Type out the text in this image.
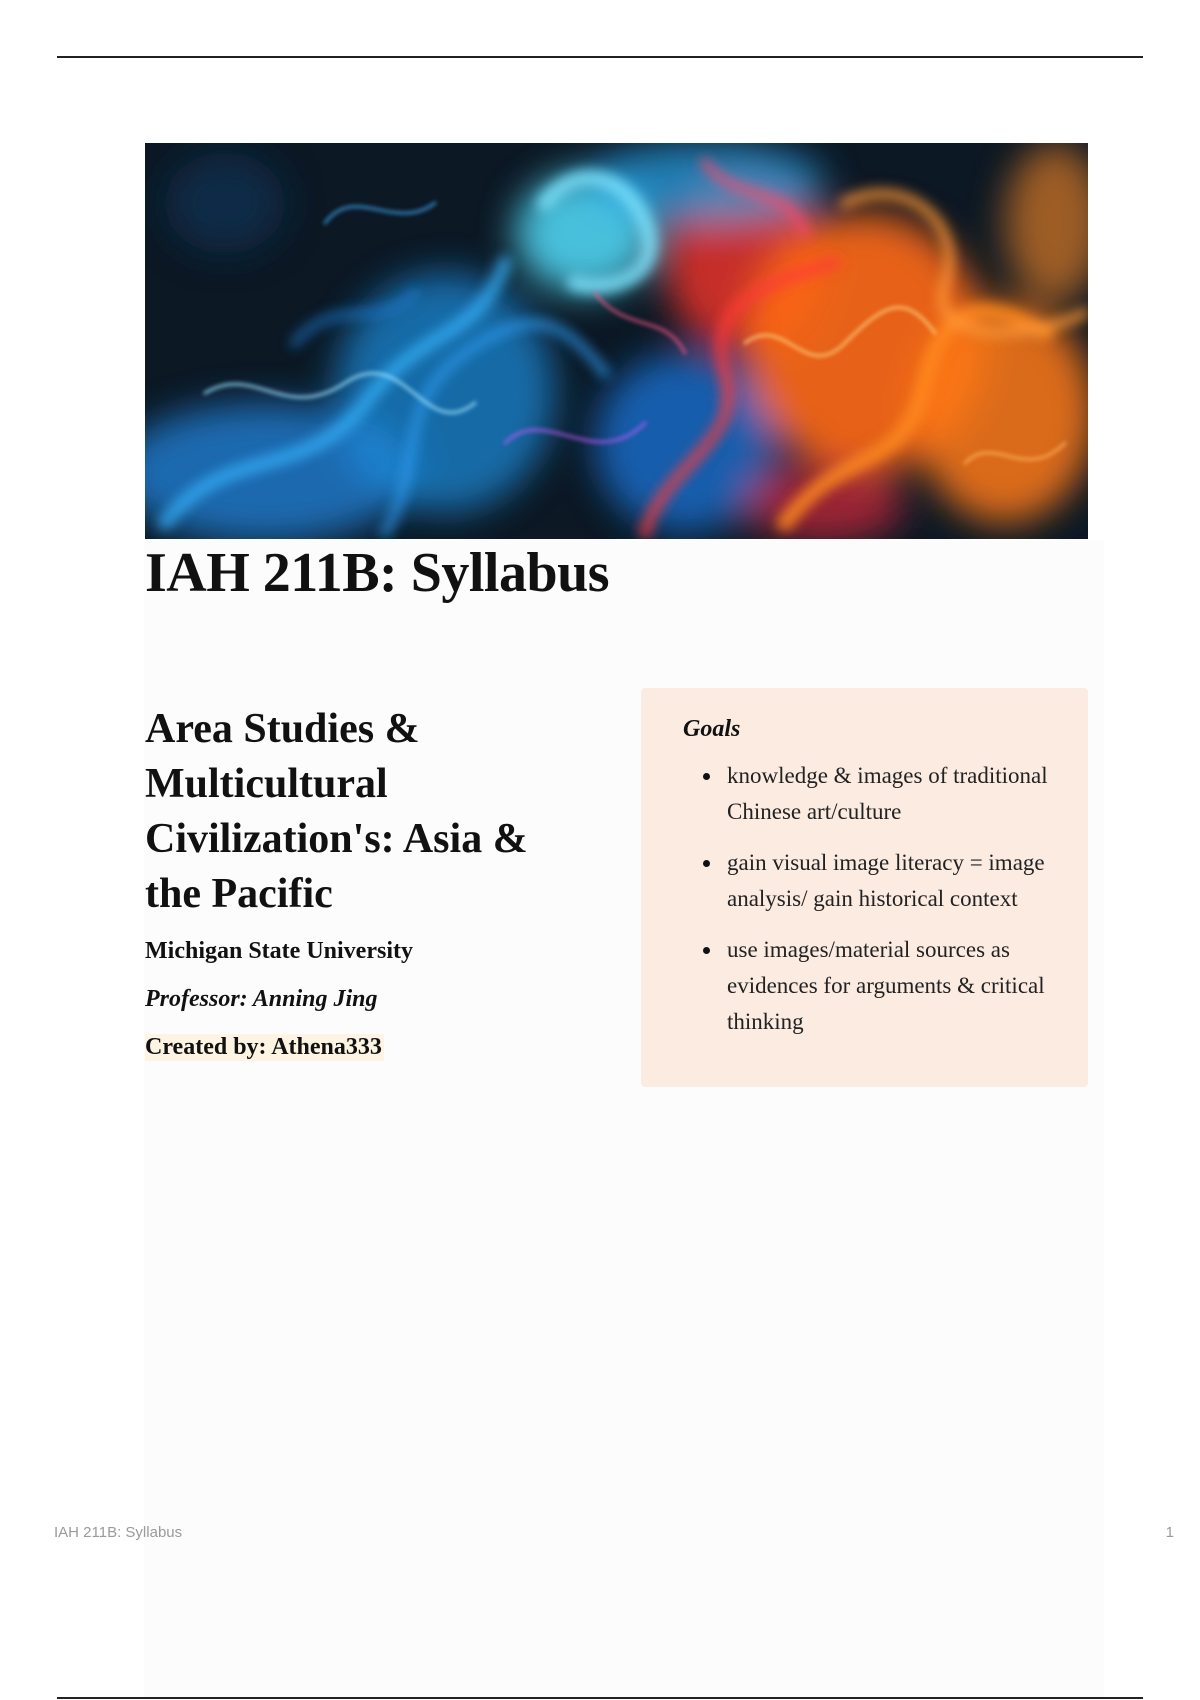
IAH 211B: Syllabus
Area Studies & Multicultural Civilization's: Asia & the Pacific

Michigan State University

Professor: Anning Jing

Created by: Athena333

Goals
knowledge & images of traditional Chinese art/culture
gain visual image literacy = image analysis/ gain historical context
use images/material sources as evidences for arguments & critical thinking
IAH 211B: Syllabus	1
